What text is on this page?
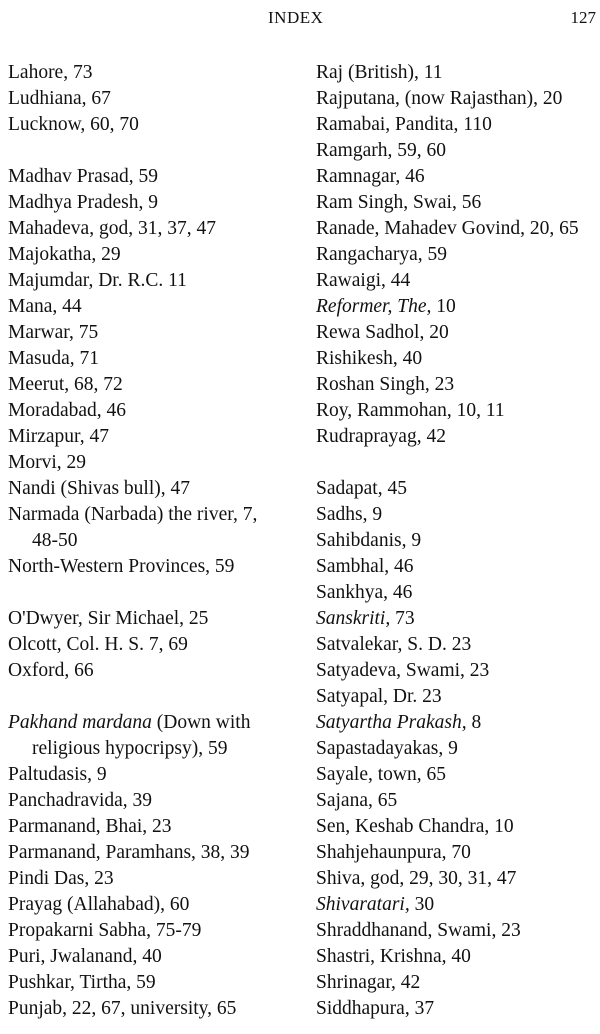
INDEX	127
Lahore, 73
Ludhiana, 67
Lucknow, 60, 70
Madhav Prasad, 59
Madhya Pradesh, 9
Mahadeva, god, 31, 37, 47
Majokatha, 29
Majumdar, Dr. R.C. 11
Mana, 44
Marwar, 75
Masuda, 71
Meerut, 68, 72
Moradabad, 46
Mirzapur, 47
Morvi, 29
Nandi (Shivas bull), 47
Narmada (Narbada) the river, 7,
48-50
North-Western Provinces, 59
O'Dwyer, Sir Michael, 25
Olcott, Col. H. S. 7, 69
Oxford, 66
Pakhand mardana (Down with
religious hypocripsy), 59
Paltudasis, 9
Panchadravida, 39
Parmanand, Bhai, 23
Parmanand, Paramhans, 38, 39
Pindi Das, 23
Prayag (Allahabad), 60
Propakarni Sabha, 75-79
Puri, Jwalanand, 40
Pushkar, Tirtha, 59
Punjab, 22, 67, university, 65
Raj (British), 11
Rajputana, (now Rajasthan), 20
Ramabai, Pandita, 110
Ramgarh, 59, 60
Ramnagar, 46
Ram Singh, Swai, 56
Ranade, Mahadev Govind, 20, 65
Rangacharya, 59
Rawaigi, 44
Reformer, The, 10
Rewa Sadhol, 20
Rishikesh, 40
Roshan Singh, 23
Roy, Rammohan, 10, 11
Rudraprayag, 42
Sadapat, 45
Sadhs, 9
Sahibdanis, 9
Sambhal, 46
Sankhya, 46
Sanskriti, 73
Satvalekar, S. D. 23
Satyadeva, Swami, 23
Satyapal, Dr. 23
Satyartha Prakash, 8
Sapastadayakas, 9
Sayale, town, 65
Sajana, 65
Sen, Keshab Chandra, 10
Shahjehaunpura, 70
Shiva, god, 29, 30, 31, 47
Shivaratari, 30
Shraddhanand, Swami, 23
Shastri, Krishna, 40
Shrinagar, 42
Siddhapura, 37
